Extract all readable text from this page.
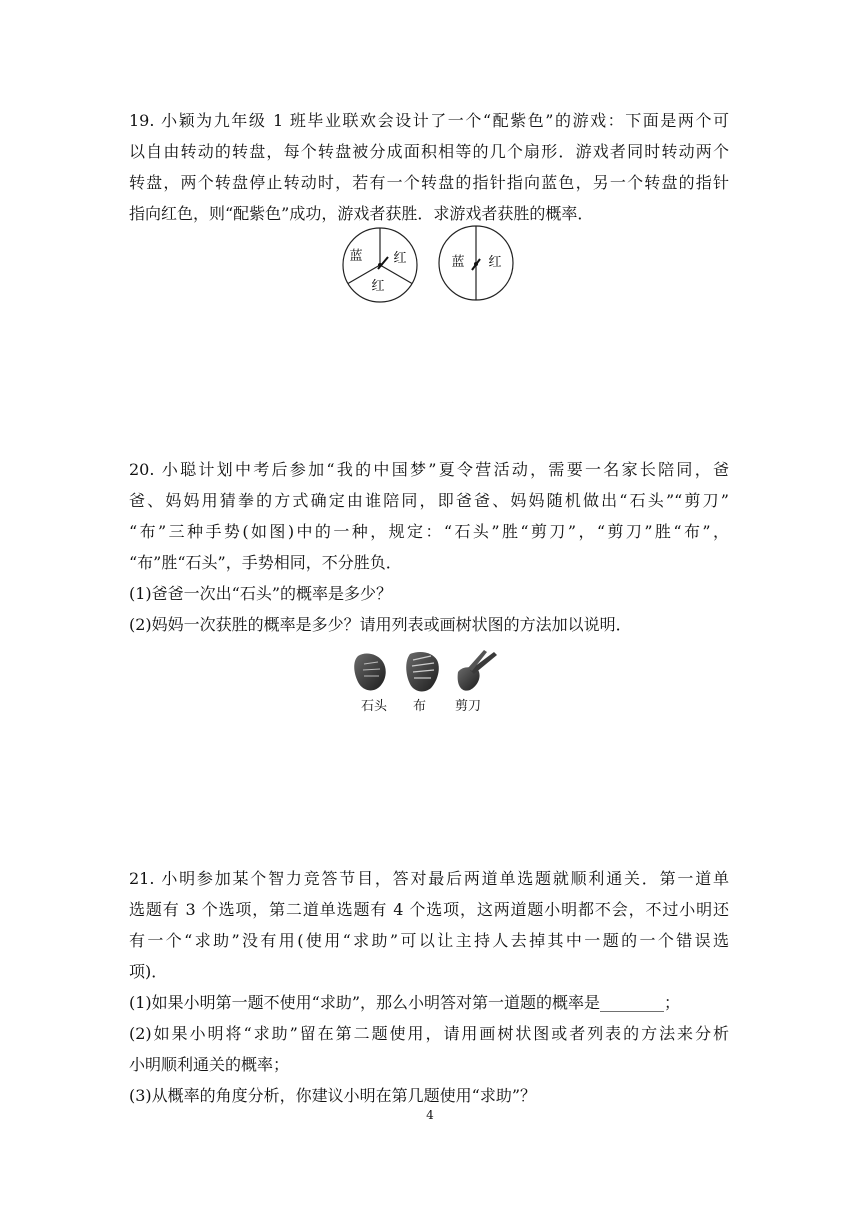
19. 小颖为九年级 1 班毕业联欢会设计了一个“配紫色”的游戏：下面是两个可
以自由转动的转盘，每个转盘被分成面积相等的几个扇形．游戏者同时转动两个
转盘，两个转盘停止转动时，若有一个转盘的指针指向蓝色，另一个转盘的指针
指向红色，则“配紫色”成功，游戏者获胜．求游戏者获胜的概率．
蓝 红
红
蓝 红
20. 小聪计划中考后参加“我的中国梦”夏令营活动，需要一名家长陪同，爸
爸、妈妈用猜拳的方式确定由谁陪同，即爸爸、妈妈随机做出“石头”“剪刀”
“布”三种手势(如图)中的一种，规定：“石头”胜“剪刀”，“剪刀”胜“布”，
“布”胜“石头”，手势相同，不分胜负．
(1)爸爸一次出“石头”的概率是多少？
(2)妈妈一次获胜的概率是多少？请用列表或画树状图的方法加以说明．
石头 布 剪刀
21. 小明参加某个智力竞答节目，答对最后两道单选题就顺利通关．第一道单
选题有 3 个选项，第二道单选题有 4 个选项，这两道题小明都不会，不过小明还
有一个“求助”没有用(使用“求助”可以让主持人去掉其中一题的一个错误选
项)．
(1)如果小明第一题不使用“求助”，那么小明答对第一道题的概率是________；
(2)如果小明将“求助”留在第二题使用，请用画树状图或者列表的方法来分析
小明顺利通关的概率；
(3)从概率的角度分析，你建议小明在第几题使用“求助”？
4
